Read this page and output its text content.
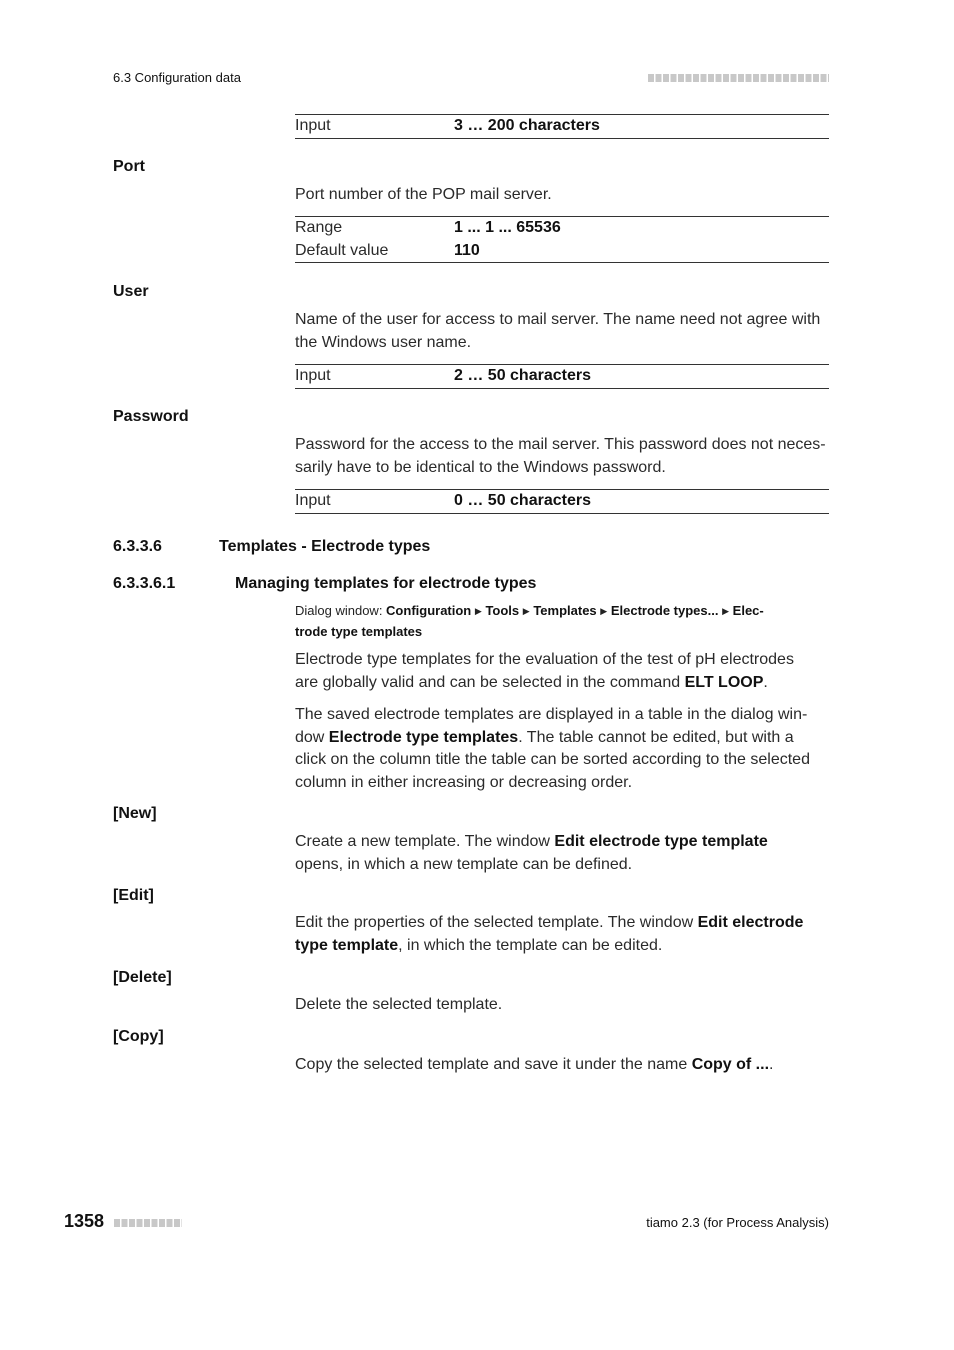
6.3 Configuration data
Input	3 … 200 characters
Port
Port number of the POP mail server.
Range	1 ... 1 ... 65536
Default value	110
User
Name of the user for access to mail server. The name need not agree with
the Windows user name.
Input	2 … 50 characters
Password
Password for the access to the mail server. This password does not neces-
sarily have to be identical to the Windows password.
Input	0 … 50 characters
6.3.3.6	Templates - Electrode types
6.3.3.6.1	Managing templates for electrode types
Dialog window: Configuration ▶ Tools ▶ Templates ▶ Electrode types... ▶ Elec-
trode type templates
Electrode type templates for the evaluation of the test of pH electrodes
are globally valid and can be selected in the command ELT LOOP.
The saved electrode templates are displayed in a table in the dialog win-
dow Electrode type templates. The table cannot be edited, but with a
click on the column title the table can be sorted according to the selected
column in either increasing or decreasing order.
[New]
Create a new template. The window Edit electrode type template
opens, in which a new template can be defined.
[Edit]
Edit the properties of the selected template. The window Edit electrode
type template, in which the template can be edited.
[Delete]
Delete the selected template.
[Copy]
Copy the selected template and save it under the name Copy of ....
1358	tiamo 2.3 (for Process Analysis)
